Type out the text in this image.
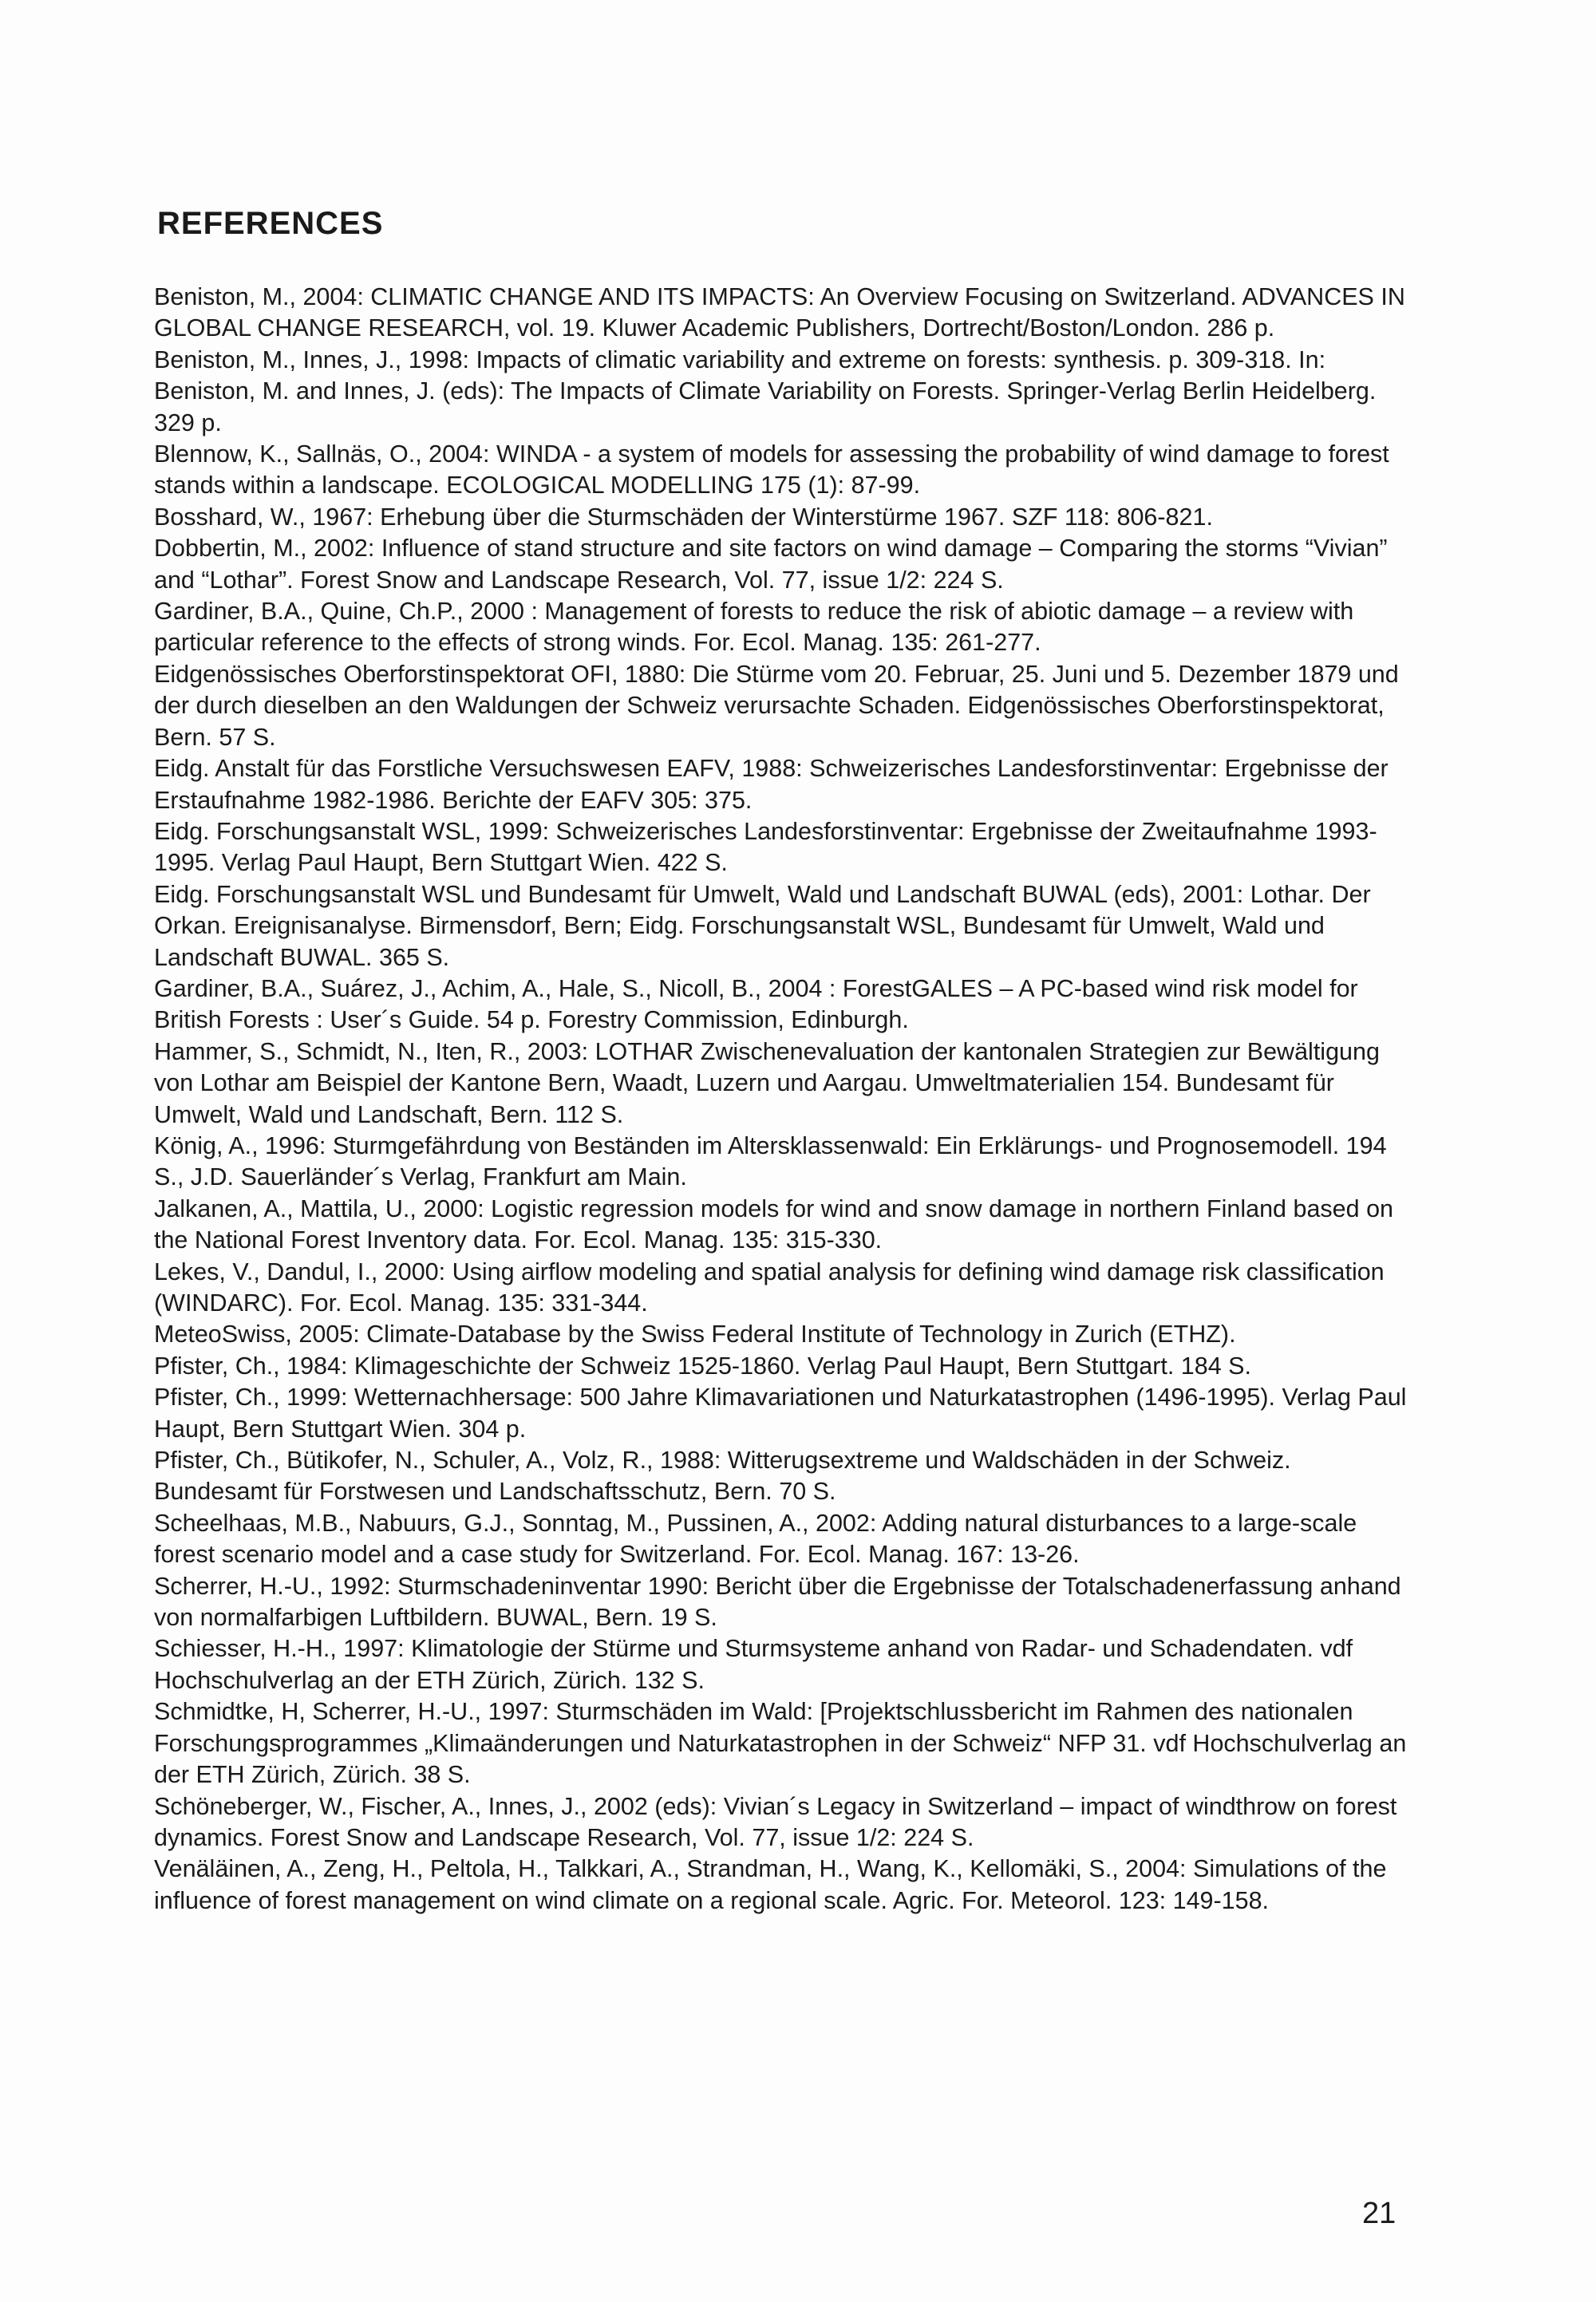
REFERENCES
Beniston, M., 2004: CLIMATIC CHANGE AND ITS IMPACTS: An Overview Focusing on Switzerland. ADVANCES IN GLOBAL CHANGE RESEARCH, vol. 19. Kluwer Academic Publishers, Dortrecht/Boston/London. 286 p.
Beniston, M., Innes, J., 1998: Impacts of climatic variability and extreme on forests: synthesis. p. 309-318. In: Beniston, M. and Innes, J. (eds): The Impacts of Climate Variability on Forests. Springer-Verlag Berlin Heidelberg. 329 p.
Blennow, K., Sallnäs, O., 2004: WINDA - a system of models for assessing the probability of wind damage to forest stands within a landscape. ECOLOGICAL MODELLING 175 (1): 87-99.
Bosshard, W., 1967: Erhebung über die Sturmschäden der Winterstürme 1967. SZF 118: 806-821.
Dobbertin, M., 2002: Influence of stand structure and site factors on wind damage – Comparing the storms “Vivian” and “Lothar”. Forest Snow and Landscape Research, Vol. 77, issue 1/2: 224 S.
Gardiner, B.A., Quine, Ch.P., 2000 : Management of forests to reduce the risk of abiotic damage – a review with particular reference to the effects of strong winds. For. Ecol. Manag. 135: 261-277.
Eidgenössisches Oberforstinspektorat OFI, 1880: Die Stürme vom 20. Februar, 25. Juni und 5. Dezember 1879 und der durch dieselben an den Waldungen der Schweiz verursachte Schaden. Eidgenössisches Oberforstinspektorat, Bern. 57 S.
Eidg. Anstalt für das Forstliche Versuchswesen EAFV, 1988: Schweizerisches Landesforstinventar: Ergebnisse der Erstaufnahme 1982-1986. Berichte der EAFV 305: 375.
Eidg. Forschungsanstalt WSL, 1999: Schweizerisches Landesforstinventar: Ergebnisse der Zweitaufnahme 1993-1995. Verlag Paul Haupt, Bern Stuttgart Wien. 422 S.
Eidg. Forschungsanstalt WSL und Bundesamt für Umwelt, Wald und Landschaft BUWAL (eds), 2001: Lothar. Der Orkan. Ereignisanalyse. Birmensdorf, Bern; Eidg. Forschungsanstalt WSL, Bundesamt für Umwelt, Wald und Landschaft BUWAL. 365 S.
Gardiner, B.A., Suárez, J., Achim, A., Hale, S., Nicoll, B., 2004 : ForestGALES – A PC-based wind risk model for British Forests : User´s Guide. 54 p. Forestry Commission, Edinburgh.
Hammer, S., Schmidt, N., Iten, R., 2003: LOTHAR Zwischenevaluation der kantonalen Strategien zur Bewältigung von Lothar am Beispiel der Kantone Bern, Waadt, Luzern und Aargau. Umweltmaterialien 154. Bundesamt für Umwelt, Wald und Landschaft, Bern. 112 S.
König, A., 1996: Sturmgefährdung von Beständen im Altersklassenwald: Ein Erklärungs- und Prognosemodell. 194 S., J.D. Sauerländer´s Verlag, Frankfurt am Main.
Jalkanen, A., Mattila, U., 2000: Logistic regression models for wind and snow damage in northern Finland based on the National Forest Inventory data. For. Ecol. Manag. 135: 315-330.
Lekes, V., Dandul, I., 2000: Using airflow modeling and spatial analysis for defining wind damage risk classification (WINDARC). For. Ecol. Manag. 135: 331-344.
MeteoSwiss, 2005: Climate-Database by the Swiss Federal Institute of Technology in Zurich (ETHZ).
Pfister, Ch., 1984: Klimageschichte der Schweiz 1525-1860. Verlag Paul Haupt, Bern Stuttgart. 184 S.
Pfister, Ch., 1999: Wetternachhersage: 500 Jahre Klimavariationen und Naturkatastrophen (1496-1995). Verlag Paul Haupt, Bern Stuttgart Wien. 304 p.
Pfister, Ch., Bütikofer, N., Schuler, A., Volz, R., 1988: Witterugsextreme und Waldschäden in der Schweiz. Bundesamt für Forstwesen und Landschaftsschutz, Bern. 70 S.
Scheelhaas, M.B., Nabuurs, G.J., Sonntag, M., Pussinen, A., 2002: Adding natural disturbances to a large-scale forest scenario model and a case study for Switzerland. For. Ecol. Manag. 167: 13-26.
Scherrer, H.-U., 1992: Sturmschadeninventar 1990: Bericht über die Ergebnisse der Totalschadenerfassung anhand von normalfarbigen Luftbildern. BUWAL, Bern. 19 S.
Schiesser, H.-H., 1997: Klimatologie der Stürme und Sturmsysteme anhand von Radar- und Schadendaten. vdf Hochschulverlag an der ETH Zürich, Zürich. 132 S.
Schmidtke, H, Scherrer, H.-U., 1997: Sturmschäden im Wald: [Projektschlussbericht im Rahmen des nationalen Forschungsprogrammes „Klimaänderungen und Naturkatastrophen in der Schweiz“ NFP 31. vdf Hochschulverlag an der ETH Zürich, Zürich. 38 S.
Schöneberger, W., Fischer, A., Innes, J., 2002 (eds): Vivian´s Legacy in Switzerland – impact of windthrow on forest dynamics. Forest Snow and Landscape Research, Vol. 77, issue 1/2: 224 S.
Venäläinen, A., Zeng, H., Peltola, H., Talkkari, A., Strandman, H., Wang, K., Kellomäki, S., 2004: Simulations of the influence of forest management on wind climate on a regional scale. Agric. For. Meteorol. 123: 149-158.

21
